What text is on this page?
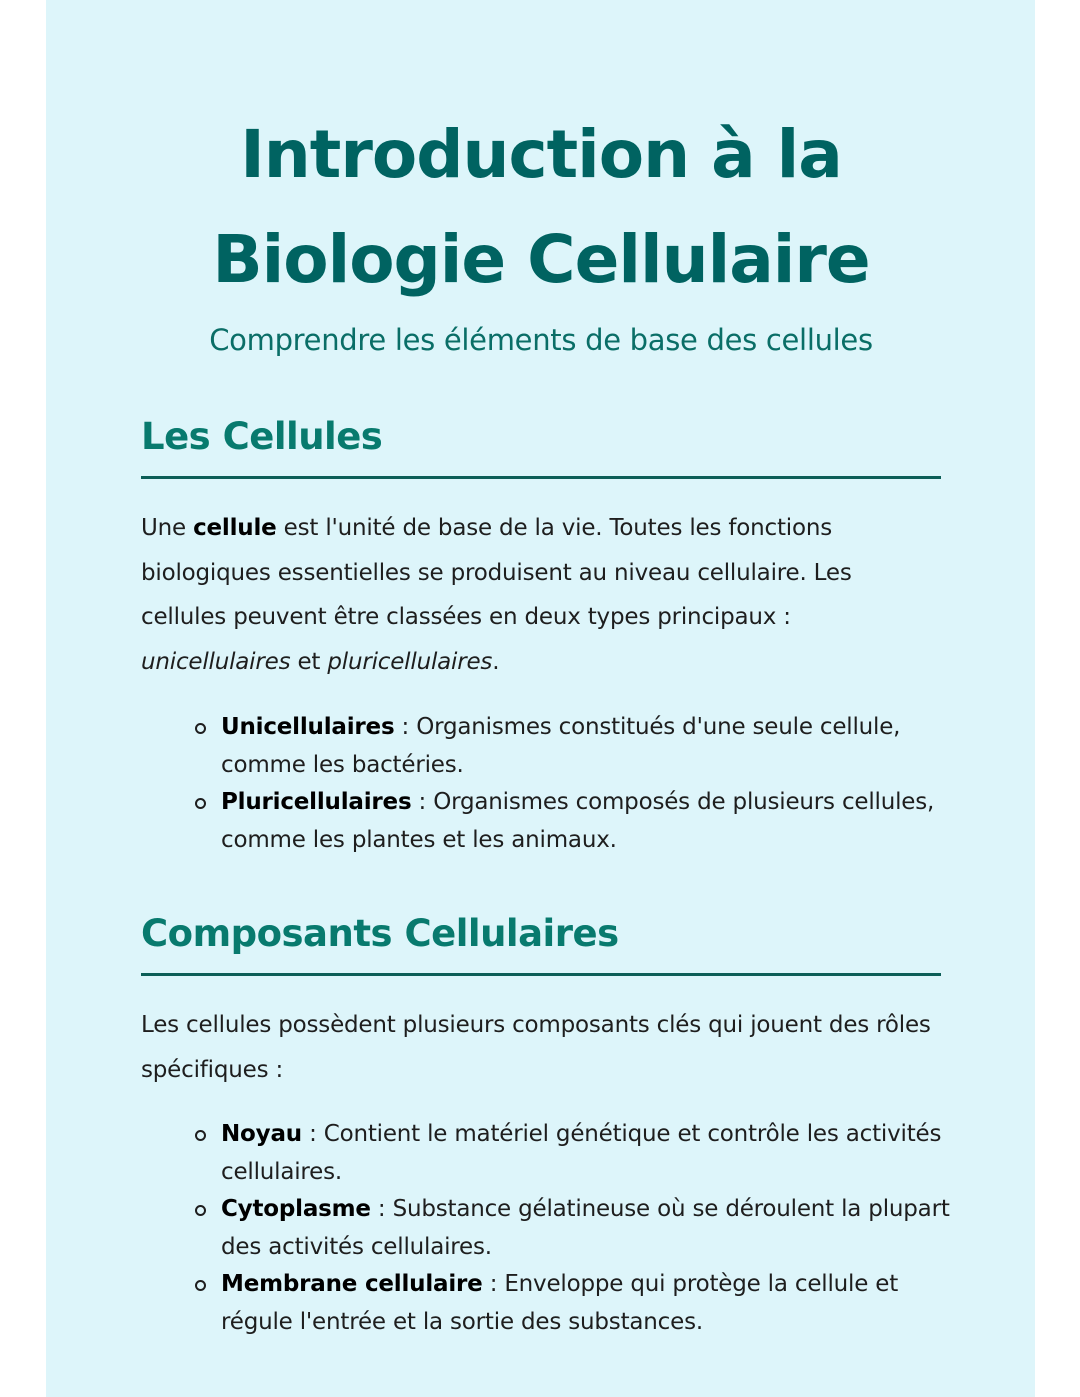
Introduction à la
Biologie Cellulaire
Comprendre les éléments de base des cellules
Les Cellules

Une cellule est l'unité de base de la vie. Toutes les fonctions biologiques essentielles se produisent au niveau cellulaire. Les cellules peuvent être classées en deux types principaux : unicellulaires et pluricellulaires.

Unicellulaires : Organismes constitués d'une seule cellule, comme les bactéries.
Pluricellulaires : Organismes composés de plusieurs cellules, comme les plantes et les animaux.
Composants Cellulaires

Les cellules possèdent plusieurs composants clés qui jouent des rôles spécifiques :

Noyau : Contient le matériel génétique et contrôle les activités cellulaires.
Cytoplasme : Substance gélatineuse où se déroulent la plupart des activités cellulaires.
Membrane cellulaire : Enveloppe qui protège la cellule et régule l'entrée et la sortie des substances.
